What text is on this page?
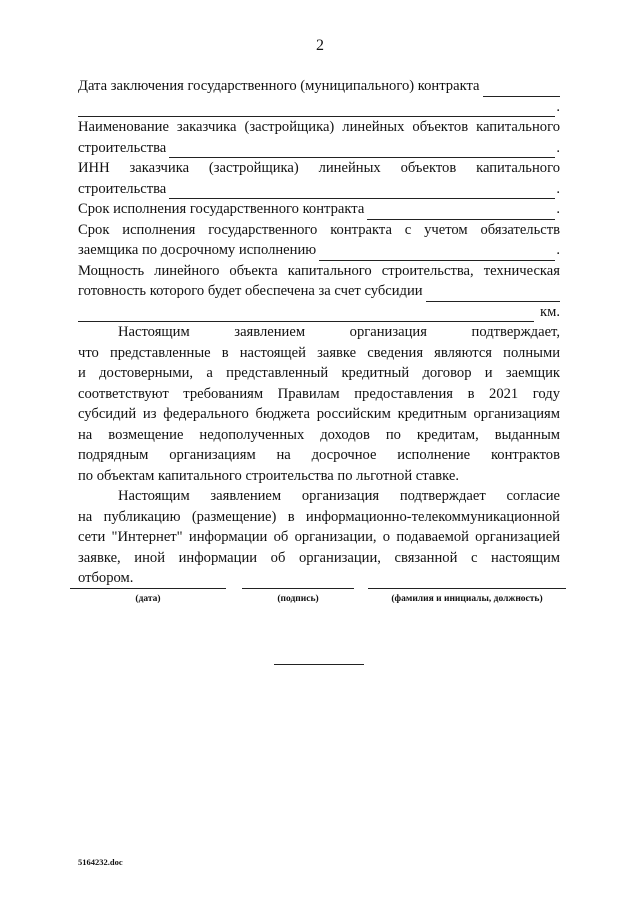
2
Дата заключения государственного (муниципального) контракта
.
Наименование заказчика (застройщика) линейных объектов капитального
строительства	.
ИНН заказчика (застройщика) линейных объектов капитального
строительства	.
Срок исполнения государственного контракта	.
Срок исполнения государственного контракта с учетом обязательств
заемщика по досрочному исполнению	.
Мощность линейного объекта капитального строительства, техническая
готовность которого будет обеспечена за счет субсидии
км.
Настоящим заявлением организация подтверждает,
что представленные в настоящей заявке сведения являются полными
и достоверными, а представленный кредитный договор и заемщик
соответствуют требованиям Правилам предоставления в 2021 году
субсидий из федерального бюджета российским кредитным организациям
на возмещение недополученных доходов по кредитам, выданным
подрядным организациям на досрочное исполнение контрактов
по объектам капитального строительства по льготной ставке.
Настоящим заявлением организация подтверждает согласие
на публикацию (размещение) в информационно-телекоммуникационной
сети "Интернет" информации об организации, о подаваемой организацией
заявке, иной информации об организации, связанной с настоящим
отбором.
(дата)	(подпись)	(фамилия и инициалы, должность)
5164232.doc
